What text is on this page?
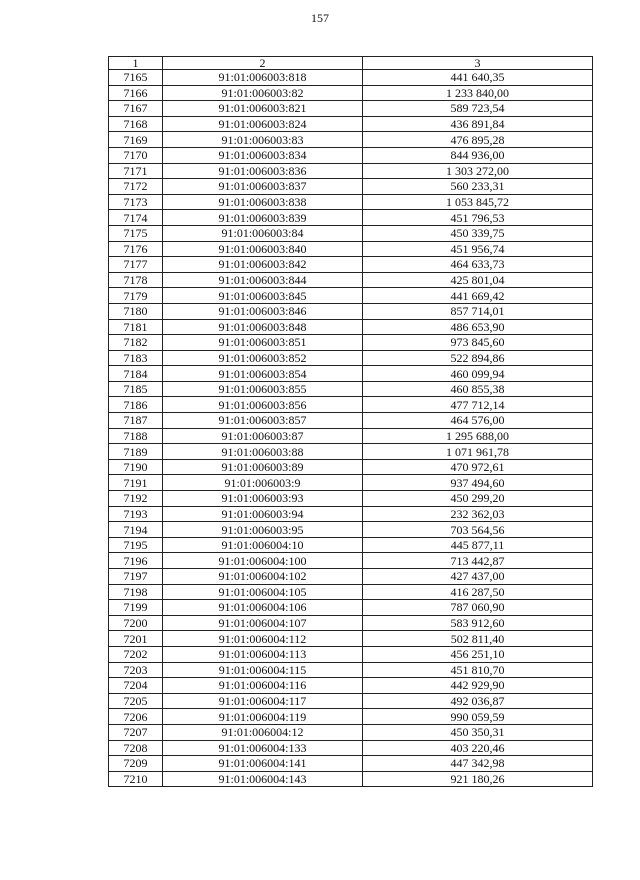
157
1	2	3
7165	91:01:006003:818	441 640,35
7166	91:01:006003:82	1 233 840,00
7167	91:01:006003:821	589 723,54
7168	91:01:006003:824	436 891,84
7169	91:01:006003:83	476 895,28
7170	91:01:006003:834	844 936,00
7171	91:01:006003:836	1 303 272,00
7172	91:01:006003:837	560 233,31
7173	91:01:006003:838	1 053 845,72
7174	91:01:006003:839	451 796,53
7175	91:01:006003:84	450 339,75
7176	91:01:006003:840	451 956,74
7177	91:01:006003:842	464 633,73
7178	91:01:006003:844	425 801,04
7179	91:01:006003:845	441 669,42
7180	91:01:006003:846	857 714,01
7181	91:01:006003:848	486 653,90
7182	91:01:006003:851	973 845,60
7183	91:01:006003:852	522 894,86
7184	91:01:006003:854	460 099,94
7185	91:01:006003:855	460 855,38
7186	91:01:006003:856	477 712,14
7187	91:01:006003:857	464 576,00
7188	91:01:006003:87	1 295 688,00
7189	91:01:006003:88	1 071 961,78
7190	91:01:006003:89	470 972,61
7191	91:01:006003:9	937 494,60
7192	91:01:006003:93	450 299,20
7193	91:01:006003:94	232 362,03
7194	91:01:006003:95	703 564,56
7195	91:01:006004:10	445 877,11
7196	91:01:006004:100	713 442,87
7197	91:01:006004:102	427 437,00
7198	91:01:006004:105	416 287,50
7199	91:01:006004:106	787 060,90
7200	91:01:006004:107	583 912,60
7201	91:01:006004:112	502 811,40
7202	91:01:006004:113	456 251,10
7203	91:01:006004:115	451 810,70
7204	91:01:006004:116	442 929,90
7205	91:01:006004:117	492 036,87
7206	91:01:006004:119	990 059,59
7207	91:01:006004:12	450 350,31
7208	91:01:006004:133	403 220,46
7209	91:01:006004:141	447 342,98
7210	91:01:006004:143	921 180,26
